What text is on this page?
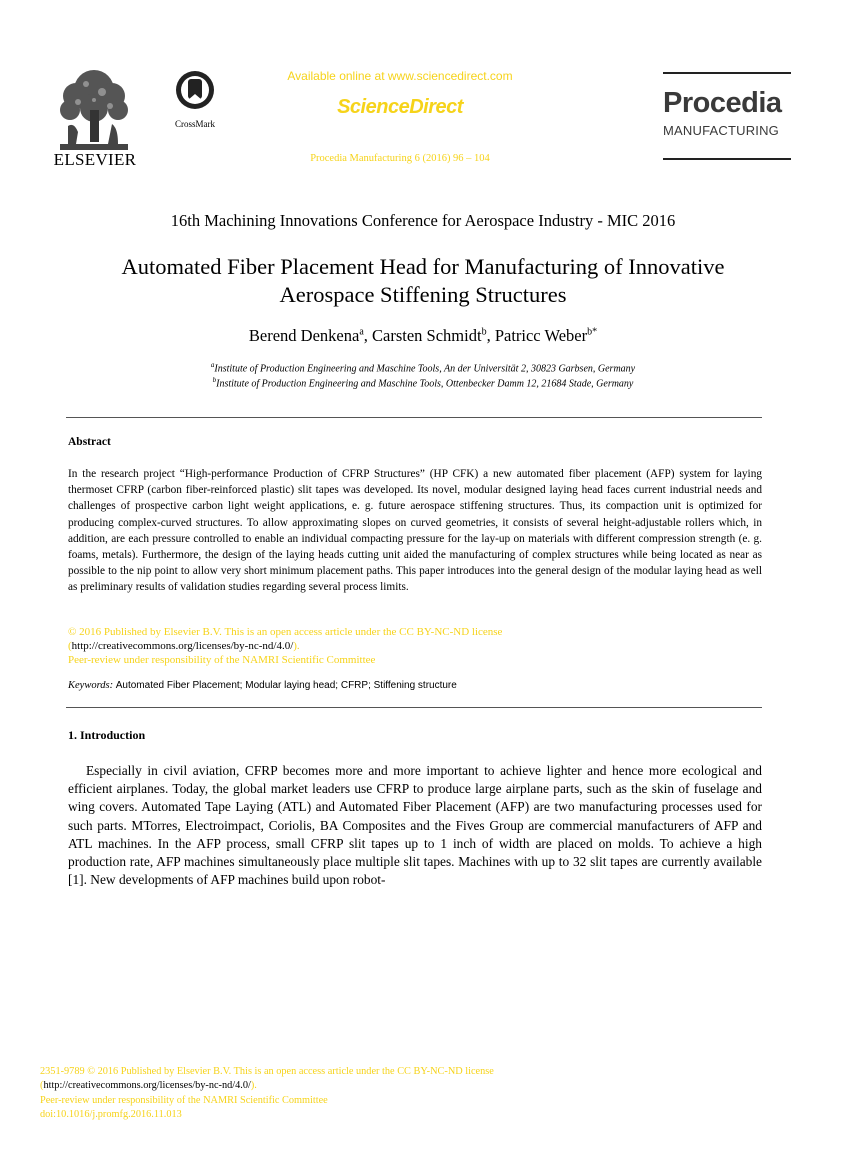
ELSEVIER
CrossMark
Available online at www.sciencedirect.com
ScienceDirect
Procedia Manufacturing 6 (2016) 96 – 104
Procedia
MANUFACTURING
16th Machining Innovations Conference for Aerospace Industry - MIC 2016
Automated Fiber Placement Head for Manufacturing of Innovative
Aerospace Stiffening Structures
Berend Denkena$^a$, Carsten Schmidt$^b$, Patricc Weber$^{b*}$
$^a$Institute of Production Engineering and Maschine Tools, An der Universität 2, 30823 Garbsen, Germany
$^b$Institute of Production Engineering and Maschine Tools, Ottenbecker Damm 12, 21684 Stade, Germany
Abstract
In the research project “High-performance Production of CFRP Structures” (HP CFK) a new automated fiber placement (AFP) system for laying thermoset CFRP (carbon fiber-reinforced plastic) slit tapes was developed. Its novel, modular designed laying head faces current industrial needs and challenges of prospective carbon light weight applications, e. g. future aerospace stiffening structures. Thus, its compaction unit is optimized for producing complex-curved structures. To allow approximating slopes on curved geometries, it consists of several height-adjustable rollers which, in addition, are each pressure controlled to enable an individual compacting pressure for the lay-up on materials with different compression strength (e. g. foams, metals). Furthermore, the design of the laying heads cutting unit aided the manufacturing of complex structures while being located as near as possible to the nip point to allow very short minimum placement paths. This paper introduces into the general design of the modular laying head as well as preliminary results of validation studies regarding several process limits.
© 2016 Published by Elsevier B.V. This is an open access article under the CC BY-NC-ND license
(http://creativecommons.org/licenses/by-nc-nd/4.0/).
Peer-review under responsibility of the NAMRI Scientific Committee
Keywords: Automated Fiber Placement; Modular laying head; CFRP; Stiffening structure
1. Introduction
Especially in civil aviation, CFRP becomes more and more important to achieve lighter and hence more ecological and efficient airplanes. Today, the global market leaders use CFRP to produce large airplane parts, such as the skin of fuselage and wing covers. Automated Tape Laying (ATL) and Automated Fiber Placement (AFP) are two manufacturing processes used for such parts. MTorres, Electroimpact, Coriolis, BA Composites and the Fives Group are commercial manufacturers of AFP and ATL machines. In the AFP process, small CFRP slit tapes up to 1 inch of width are placed on molds. To achieve a high production rate, AFP machines simultaneously place multiple slit tapes. Machines with up to 32 slit tapes are currently available [1]. New developments of AFP machines build upon robot-
2351-9789 © 2016 Published by Elsevier B.V. This is an open access article under the CC BY-NC-ND license
(http://creativecommons.org/licenses/by-nc-nd/4.0/).
Peer-review under responsibility of the NAMRI Scientific Committee
doi:10.1016/j.promfg.2016.11.013
